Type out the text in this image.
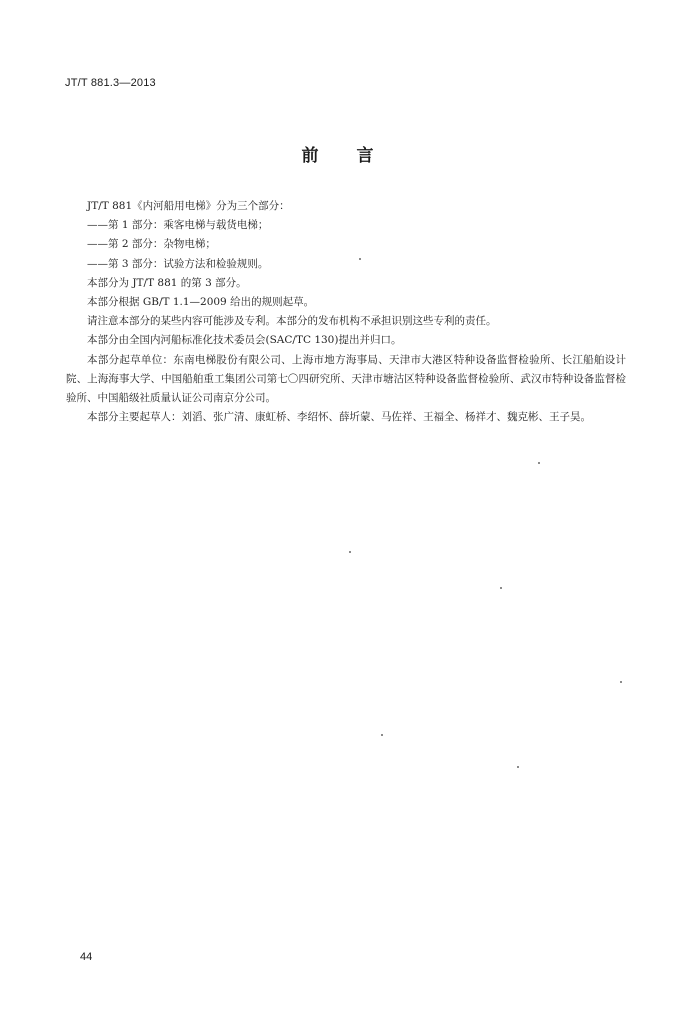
JT/T 881.3—2013
前 言

JT/T 881《内河船用电梯》分为三个部分：

——第 1 部分：乘客电梯与载货电梯；

——第 2 部分：杂物电梯；

——第 3 部分：试验方法和检验规则。

本部分为 JT/T 881 的第 3 部分。

本部分根据 GB/T 1.1—2009 给出的规则起草。

请注意本部分的某些内容可能涉及专利。本部分的发布机构不承担识别这些专利的责任。

本部分由全国内河船标准化技术委员会(SAC/TC 130)提出并归口。

本部分起草单位：东南电梯股份有限公司、上海市地方海事局、天津市大港区特种设备监督检验所、长江船舶设计院、上海海事大学、中国船舶重工集团公司第七〇四研究所、天津市塘沽区特种设备监督检验所、武汉市特种设备监督检验所、中国船级社质量认证公司南京分公司。

本部分主要起草人：刘滔、张广清、康虹桥、李绍怀、薛圻蒙、马佐祥、王福全、杨祥才、魏克彬、王子昊。

44
